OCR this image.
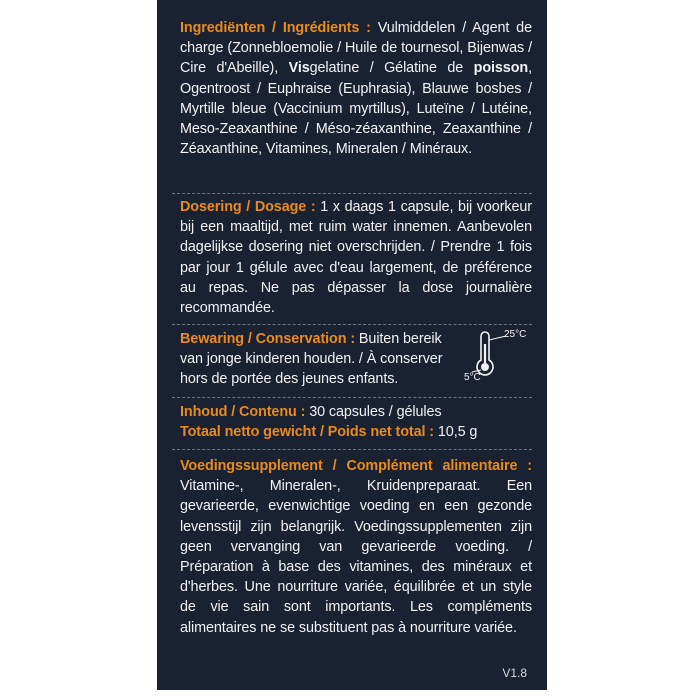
Ingrediënten / Ingrédients : Vulmiddelen / Agent de charge (Zonnebloemolie / Huile de tournesol, Bijenwas / Cire d'Abeille), Visgelatine / Gélatine de poisson, Ogentroost / Euphraise (Euphrasia), Blauwe bosbes / Myrtille bleue (Vaccinium myrtillus), Luteïne / Lutéine, Meso-Zeaxanthine / Méso-zéaxanthine, Zeaxanthine / Zéaxanthine, Vitamines, Mineralen / Minéraux.
Dosering / Dosage : 1 x daags 1 capsule, bij voorkeur bij een maaltijd, met ruim water innemen. Aanbevolen dagelijkse dosering niet overschrijden. / Prendre 1 fois par jour 1 gélule avec d'eau largement, de préférence au repas. Ne pas dépasser la dose journalière recommandée.
Bewaring / Conservation : Buiten bereik van jonge kinderen houden. / À conserver hors de portée des jeunes enfants.
25°C
5°C
Inhoud / Contenu : 30 capsules / gélules
Totaal netto gewicht / Poids net total : 10,5 g
Voedingssupplement / Complément alimentaire : Vitamine-, Mineralen-, Kruidenpreparaat. Een gevarieerde, evenwichtige voeding en een gezonde levensstijl zijn belangrijk. Voedingssupplementen zijn geen vervanging van gevarieerde voeding. / Préparation à base des vitamines, des minéraux et d'herbes. Une nourriture variée, équilibrée et un style de vie sain sont importants. Les compléments alimentaires ne se substituent pas à nourriture variée.
V1.8
